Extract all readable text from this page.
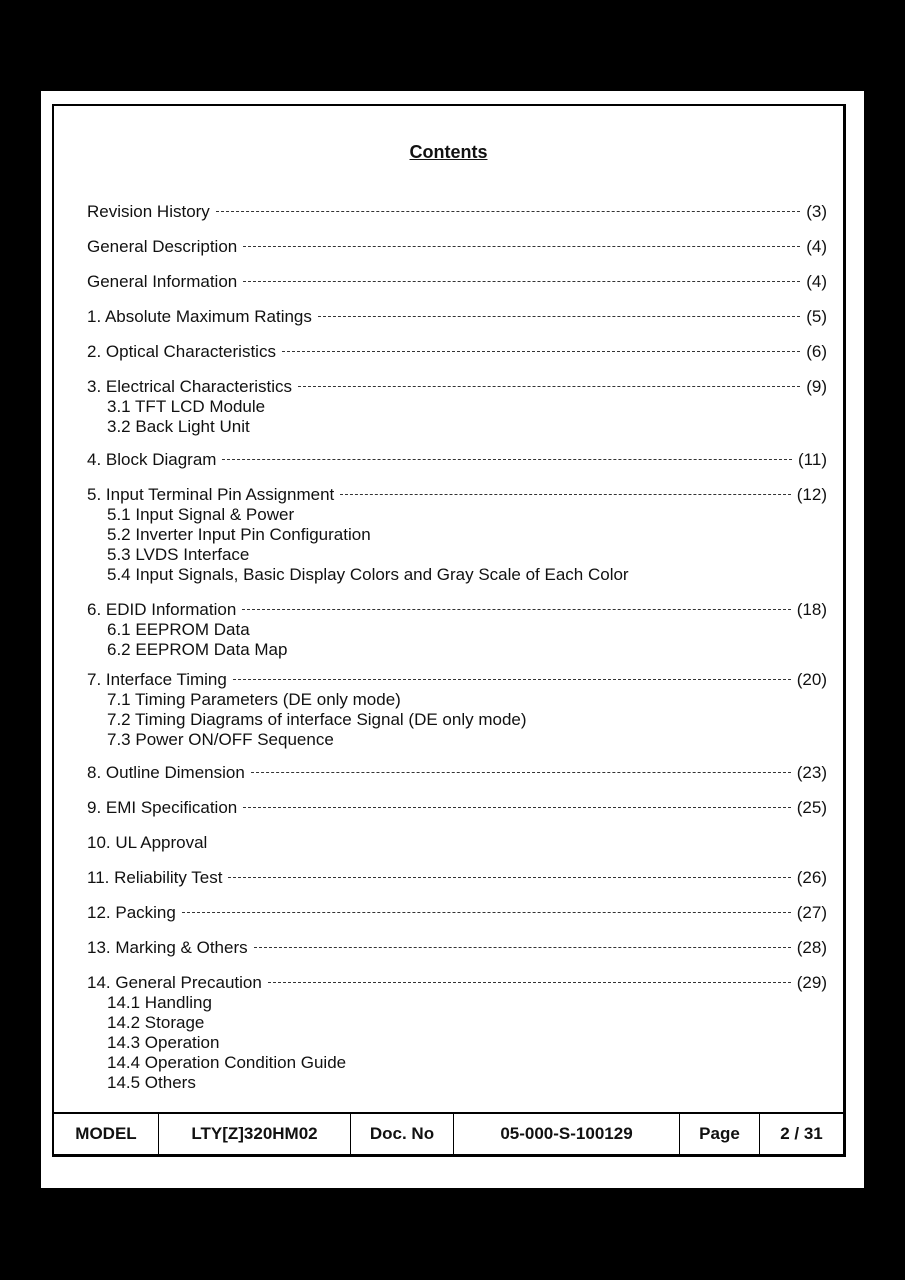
Contents
Revision History	(3)
General Description	(4)
General Information	(4)
1. Absolute Maximum Ratings	(5)
2. Optical Characteristics	(6)
3. Electrical Characteristics	(9)
3.1 TFT LCD Module
3.2 Back Light Unit
4. Block Diagram	(11)
5. Input Terminal Pin Assignment	(12)
5.1 Input Signal & Power
5.2 Inverter Input Pin Configuration
5.3 LVDS Interface
5.4 Input Signals, Basic Display Colors and Gray Scale of Each Color
6. EDID Information	(18)
6.1 EEPROM Data
6.2 EEPROM Data Map
7. Interface Timing	(20)
7.1 Timing Parameters (DE only mode)
7.2 Timing Diagrams of interface Signal (DE only mode)
7.3 Power ON/OFF Sequence
8. Outline Dimension	(23)
9. EMI Specification	(25)
10. UL Approval
11. Reliability Test	(26)
12. Packing	(27)
13. Marking & Others	(28)
14. General Precaution	(29)
14.1 Handling
14.2 Storage
14.3 Operation
14.4 Operation Condition Guide
14.5 Others
MODEL	LTY[Z]320HM02	Doc. No	05-000-S-100129	Page	2 / 31
